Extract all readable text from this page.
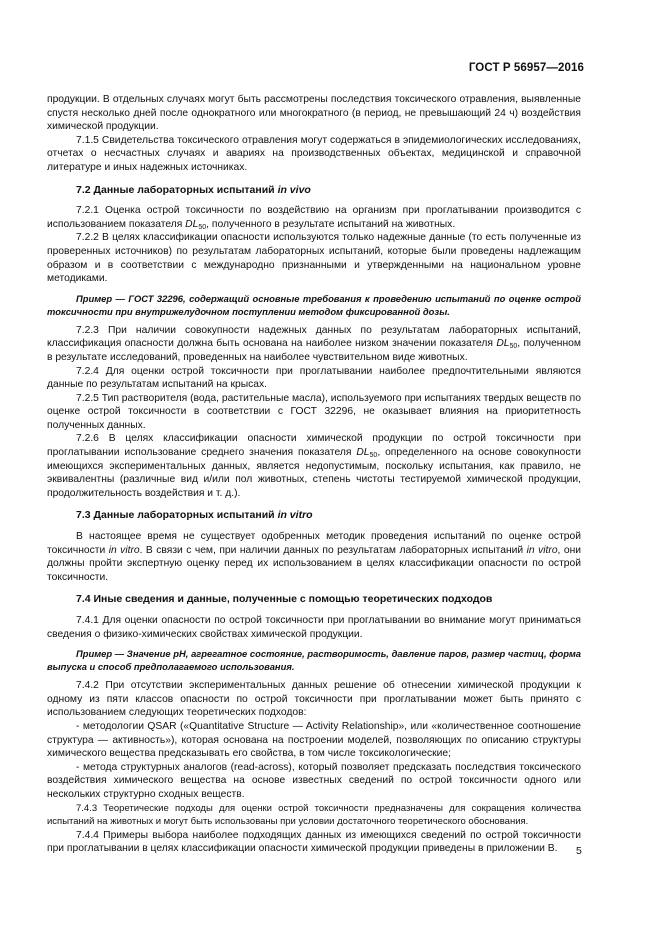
ГОСТ Р 56957—2016

продукции. В отдельных случаях могут быть рассмотрены последствия токсического отравления, выявленные спустя несколько дней после однократного или многократного (в период, не превышающий 24 ч) воздействия химической продукции.

7.1.5 Свидетельства токсического отравления могут содержаться в эпидемиологических исследованиях, отчетах о несчастных случаях и авариях на производственных объектах, медицинской и справочной литературе и иных надежных источниках.

7.2 Данные лабораторных испытаний in vivo

7.2.1 Оценка острой токсичности по воздействию на организм при проглатывании производится с использованием показателя $DL_{50}$, полученного в результате испытаний на животных.

7.2.2 В целях классификации опасности используются только надежные данные (то есть полученные из проверенных источников) по результатам лабораторных испытаний, которые были проведены надлежащим образом и в соответствии с международно признанными и утвержденными на национальном уровне методиками.

Пример — ГОСТ 32296, содержащий основные требования к проведению испытаний по оценке острой токсичности при внутрижелудочном поступлении методом фиксированной дозы.

7.2.3 При наличии совокупности надежных данных по результатам лабораторных испытаний, классификация опасности должна быть основана на наиболее низком значении показателя $DL_{50}$, полученном в результате исследований, проведенных на наиболее чувствительном виде животных.

7.2.4 Для оценки острой токсичности при проглатывании наиболее предпочтительными являются данные по результатам испытаний на крысах.

7.2.5 Тип растворителя (вода, растительные масла), используемого при испытаниях твердых веществ по оценке острой токсичности в соответствии с ГОСТ 32296, не оказывает влияния на приоритетность полученных данных.

7.2.6 В целях классификации опасности химической продукции по острой токсичности при проглатывании использование среднего значения показателя $DL_{50}$, определенного на основе совокупности имеющихся экспериментальных данных, является недопустимым, поскольку испытания, как правило, не эквивалентны (различные вид и/или пол животных, степень чистоты тестируемой химической продукции, продолжительность воздействия и т. д.).

7.3 Данные лабораторных испытаний in vitro

В настоящее время не существует одобренных методик проведения испытаний по оценке острой токсичности in vitro. В связи с чем, при наличии данных по результатам лабораторных испытаний in vitro, они должны пройти экспертную оценку перед их использованием в целях классификации опасности по острой токсичности.

7.4 Иные сведения и данные, полученные с помощью теоретических подходов

7.4.1 Для оценки опасности по острой токсичности при проглатывании во внимание могут приниматься сведения о физико-химических свойствах химической продукции.

Пример — Значение pH, агрегатное состояние, растворимость, давление паров, размер частиц, форма выпуска и способ предполагаемого использования.

7.4.2 При отсутствии экспериментальных данных решение об отнесении химической продукции к одному из пяти классов опасности по острой токсичности при проглатывании может быть принято с использованием следующих теоретических подходов:

- методологии QSAR («Quantitative Structure — Activity Relationship», или «количественное соотношение структура — активность»), которая основана на построении моделей, позволяющих по описанию структуры химического вещества предсказывать его свойства, в том числе токсикологические;

- метода структурных аналогов (read-across), который позволяет предсказать последствия токсического воздействия химического вещества на основе известных сведений по острой токсичности одного или нескольких структурно сходных веществ.

7.4.3 Теоретические подходы для оценки острой токсичности предназначены для сокращения количества испытаний на животных и могут быть использованы при условии достаточного теоретического обоснования.

7.4.4 Примеры выбора наиболее подходящих данных из имеющихся сведений по острой токсичности при проглатывании в целях классификации опасности химической продукции приведены в приложении В.	5
